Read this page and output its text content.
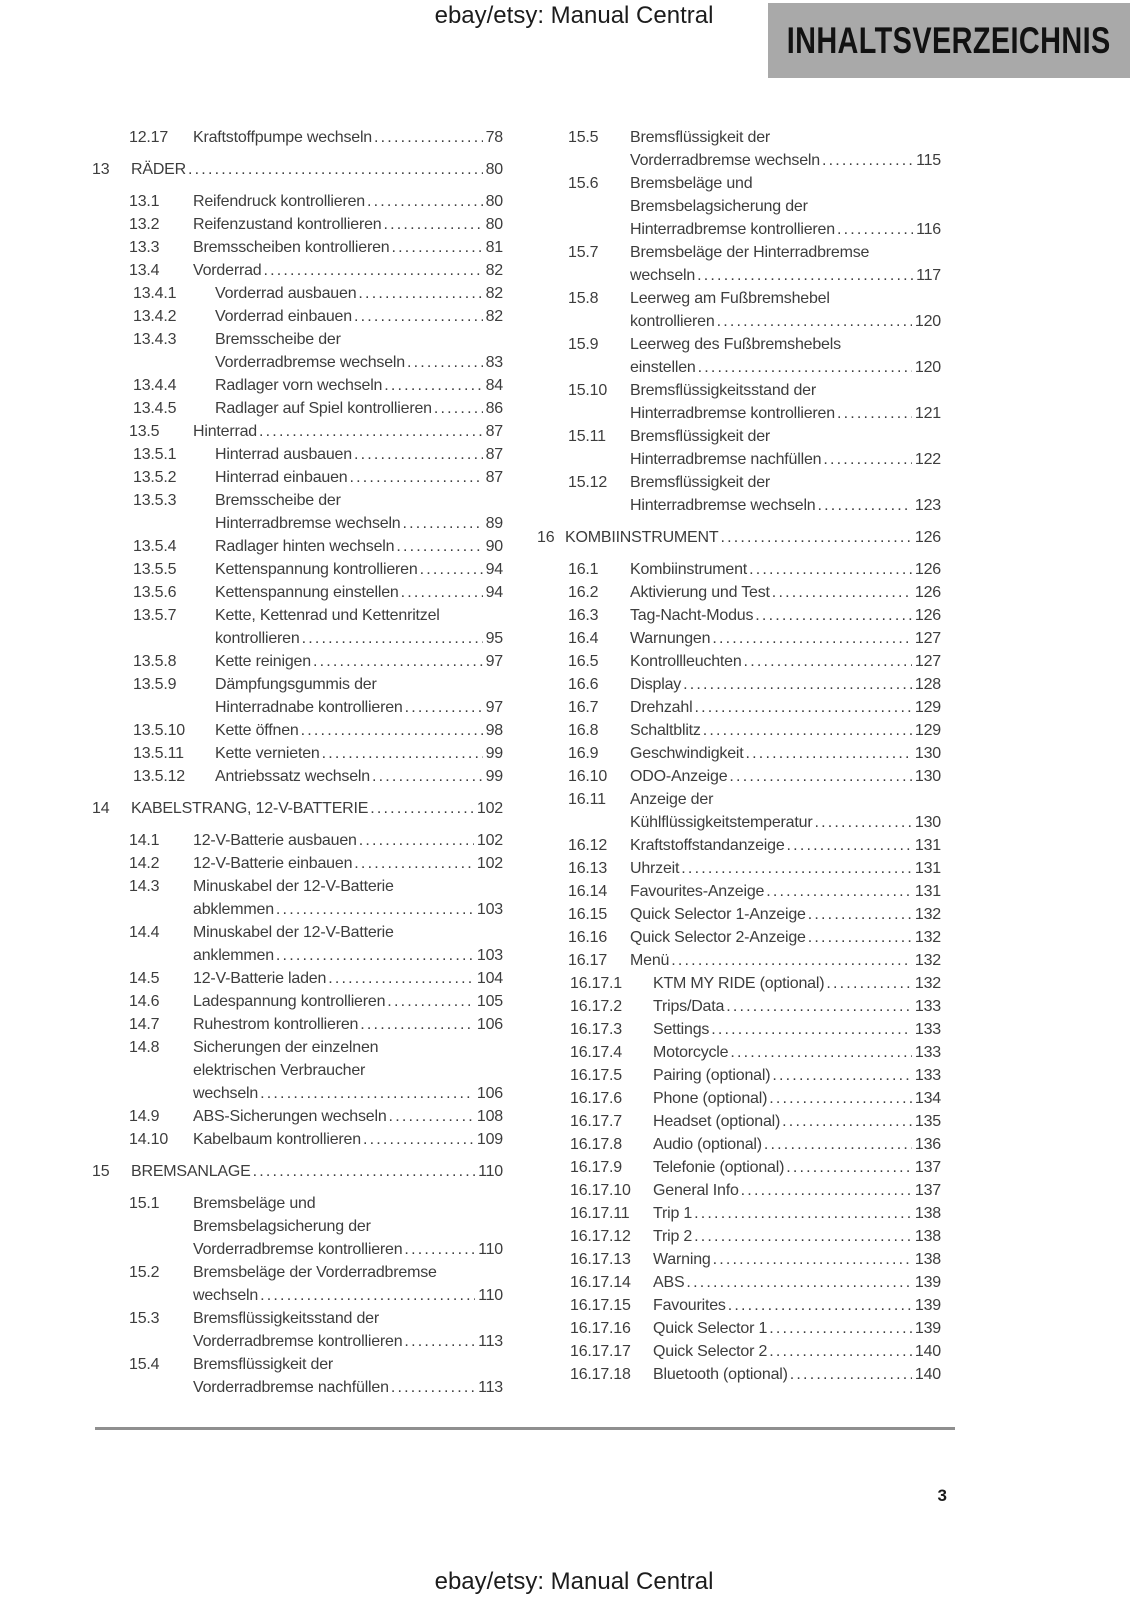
ebay/etsy: Manual Central
INHALTSVERZEICHNIS
12.17 Kraftstoffpumpe wechseln .....	78
13 RÄDER .....	80
13.1 Reifendruck kontrollieren .....	80
13.2 Reifenzustand kontrollieren .....	80
13.3 Bremsscheiben kontrollieren .....	81
13.4 Vorderrad .....	82
13.4.1 Vorderrad ausbauen .....	82
13.4.2 Vorderrad einbauen .....	82
13.4.3 Bremsscheibe der
Vorderradbremse wechseln .....	83
13.4.4 Radlager vorn wechseln .....	84
13.4.5 Radlager auf Spiel kontrollieren .....	86
13.5 Hinterrad .....	87
13.5.1 Hinterrad ausbauen .....	87
13.5.2 Hinterrad einbauen .....	87
13.5.3 Bremsscheibe der
Hinterradbremse wechseln .....	89
13.5.4 Radlager hinten wechseln .....	90
13.5.5 Kettenspannung kontrollieren .....	94
13.5.6 Kettenspannung einstellen .....	94
13.5.7 Kette, Kettenrad und Kettenritzel
kontrollieren .....	95
13.5.8 Kette reinigen .....	97
13.5.9 Dämpfungsgummis der
Hinterradnabe kontrollieren .....	97
13.5.10 Kette öffnen .....	98
13.5.11 Kette vernieten .....	99
13.5.12 Antriebssatz wechseln .....	99
14 KABELSTRANG, 12-V-BATTERIE .....	102
14.1 12-V-Batterie ausbauen .....	102
14.2 12-V-Batterie einbauen .....	102
14.3 Minuskabel der 12-V-Batterie
abklemmen .....	103
14.4 Minuskabel der 12-V-Batterie
anklemmen .....	103
14.5 12-V-Batterie laden .....	104
14.6 Ladespannung kontrollieren .....	105
14.7 Ruhestrom kontrollieren .....	106
14.8 Sicherungen der einzelnen
elektrischen Verbraucher
wechseln .....	106
14.9 ABS-Sicherungen wechseln .....	108
14.10 Kabelbaum kontrollieren .....	109
15 BREMSANLAGE .....	110
15.1 Bremsbeläge und
Bremsbelagsicherung der
Vorderradbremse kontrollieren .....	110
15.2 Bremsbeläge der Vorderradbremse
wechseln .....	110
15.3 Bremsflüssigkeitsstand der
Vorderradbremse kontrollieren .....	113
15.4 Bremsflüssigkeit der
Vorderradbremse nachfüllen .....	113
15.5 Bremsflüssigkeit der
Vorderradbremse wechseln .....	115
15.6 Bremsbeläge und
Bremsbelagsicherung der
Hinterradbremse kontrollieren .....	116
15.7 Bremsbeläge der Hinterradbremse
wechseln .....	117
15.8 Leerweg am Fußbremshebel
kontrollieren .....	120
15.9 Leerweg des Fußbremshebels
einstellen .....	120
15.10 Bremsflüssigkeitsstand der
Hinterradbremse kontrollieren .....	121
15.11 Bremsflüssigkeit der
Hinterradbremse nachfüllen .....	122
15.12 Bremsflüssigkeit der
Hinterradbremse wechseln .....	123
16 KOMBIINSTRUMENT .....	126
16.1 Kombiinstrument .....	126
16.2 Aktivierung und Test .....	126
16.3 Tag-Nacht-Modus .....	126
16.4 Warnungen .....	127
16.5 Kontrollleuchten .....	127
16.6 Display .....	128
16.7 Drehzahl .....	129
16.8 Schaltblitz .....	129
16.9 Geschwindigkeit .....	130
16.10 ODO-Anzeige .....	130
16.11 Anzeige der
Kühlflüssigkeitstemperatur .....	130
16.12 Kraftstoffstandanzeige .....	131
16.13 Uhrzeit .....	131
16.14 Favourites-Anzeige .....	131
16.15 Quick Selector 1-Anzeige .....	132
16.16 Quick Selector 2-Anzeige .....	132
16.17 Menü .....	132
16.17.1 KTM MY RIDE (optional) .....	132
16.17.2 Trips/Data .....	133
16.17.3 Settings .....	133
16.17.4 Motorcycle .....	133
16.17.5 Pairing (optional) .....	133
16.17.6 Phone (optional) .....	134
16.17.7 Headset (optional) .....	135
16.17.8 Audio (optional) .....	136
16.17.9 Telefonie (optional) .....	137
16.17.10 General Info .....	137
16.17.11 Trip 1 .....	138
16.17.12 Trip 2 .....	138
16.17.13 Warning .....	138
16.17.14 ABS .....	139
16.17.15 Favourites .....	139
16.17.16 Quick Selector 1 .....	139
16.17.17 Quick Selector 2 .....	140
16.17.18 Bluetooth (optional) .....	140
3
ebay/etsy: Manual Central
